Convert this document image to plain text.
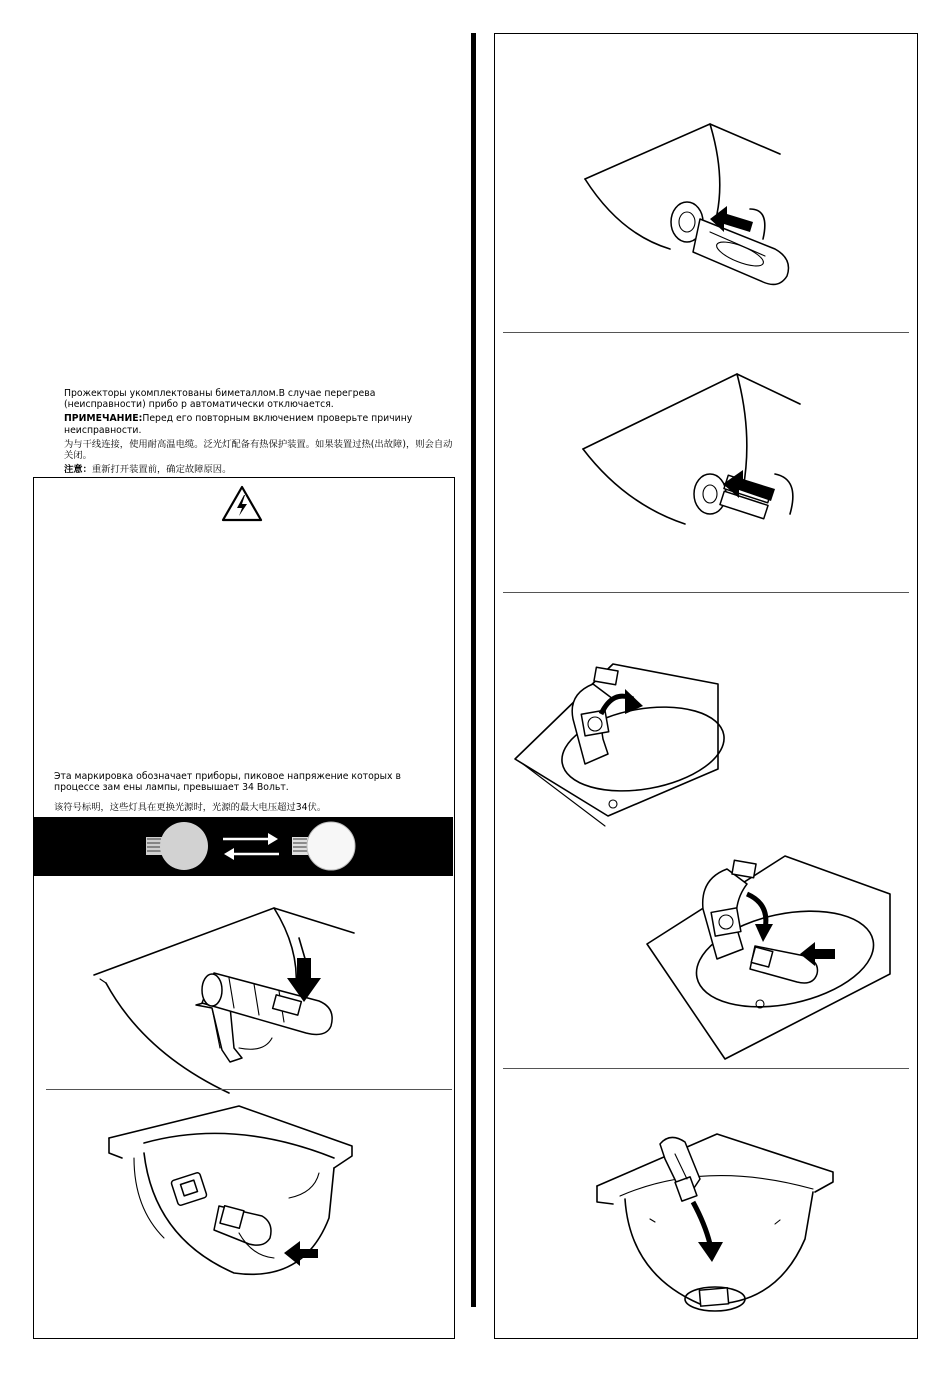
Прожекторы укомплектованы биметаллом.В случае перегрева (неисправности) прибо р автоматически отключается.

ПРИМЕЧАНИЕ:Перед его повторным включением проверьте причину неисправности.

为与干线连接，使用耐高温电缆。泛光灯配备有热保护装置。如果装置过热(出故障)，则会自动关闭。

注意：重新打开装置前，确定故障原因。

Эта маркировка обозначает приборы, пиковое напряжение которых в процессе зам ены лампы, превышает 34 Вольт.
该符号标明，这些灯具在更换光源时，光源的最大电压超过34伏。
